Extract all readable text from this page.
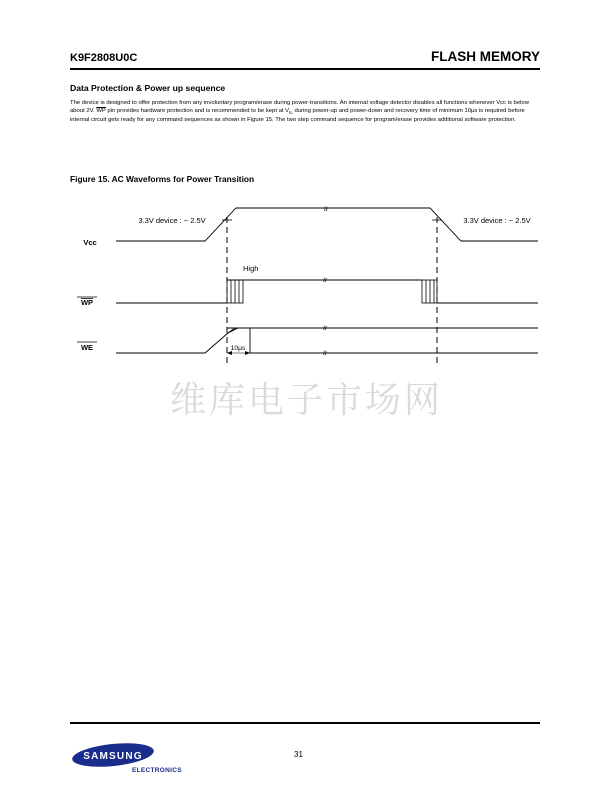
K9F2808U0C	FLASH MEMORY
Data Protection & Power up sequence
The device is designed to offer protection from any involuntary program/erase during power-transitions. An internal voltage detector disables all functions whenever Vcc is below about 2V. $\overline{WP}$ pin provides hardware protection and is recommended to be kept at $V_{IL}$ during power-up and power-down and recovery time of minimum 10µs is required before internal circuit gets ready for any command sequences as shown in Figure 15. The two step command sequence for program/erase provides additional software protection.
Figure 15. AC Waveforms for Power Transition
Vcc
3.3V device : ~ 2.5V	3.3V device : ~ 2.5V
≈
High
WP
≈
10µs
WE
≈
≈
维库电子市场网
SAMSUNG
ELECTRONICS
31
